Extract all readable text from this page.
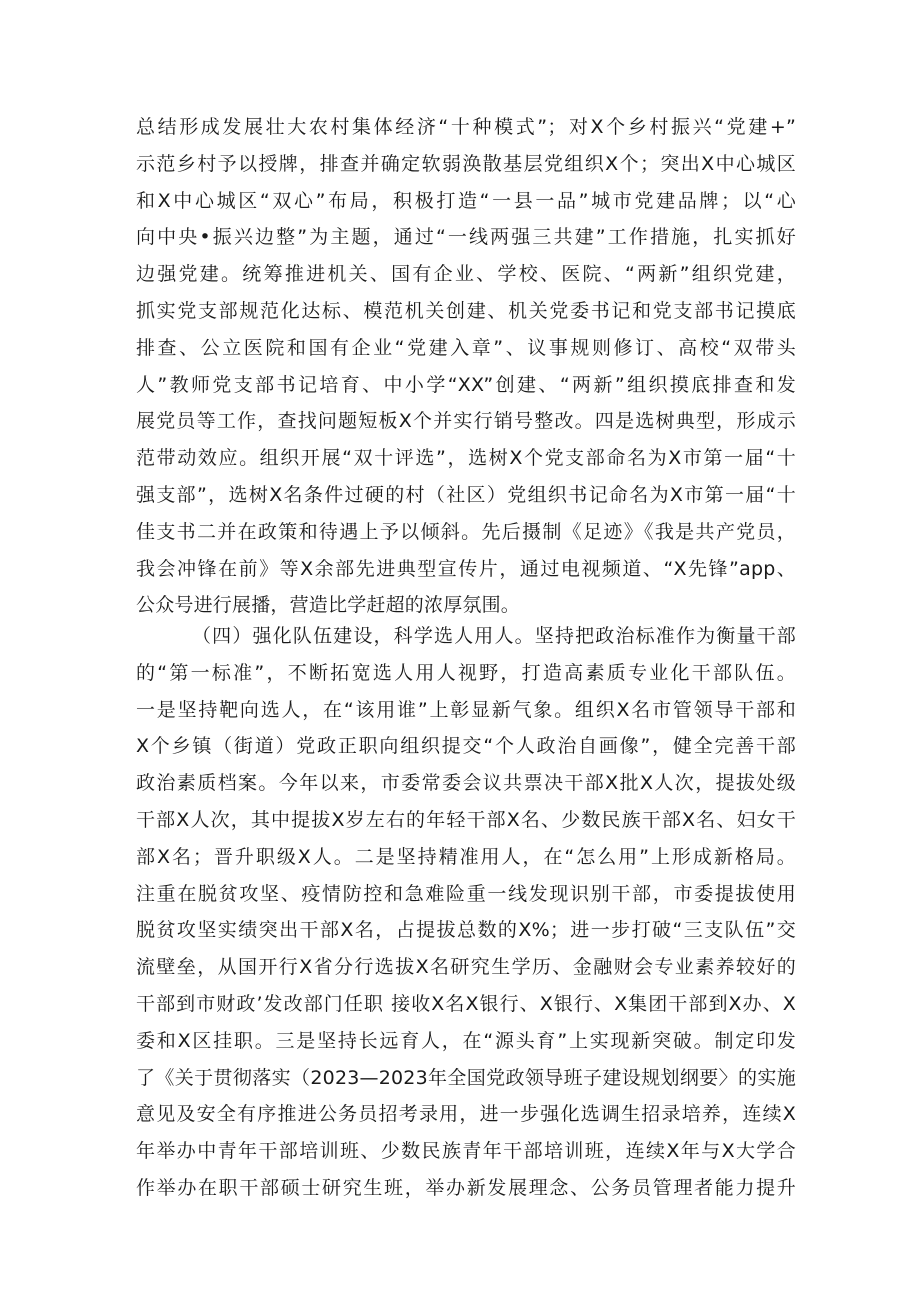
总结形成发展壮大农村集体经济“十种模式”；对X个乡村振兴“党建+”
示范乡村予以授牌，排查并确定软弱涣散基层党组织X个；突出X中心城区
和X中心城区“双心”布局，积极打造“一县一品”城市党建品牌；以“心
向中央•振兴边整”为主题，通过“一线两强三共建”工作措施，扎实抓好
边强党建。统筹推进机关、国有企业、学校、医院、“两新”组织党建，
抓实党支部规范化达标、模范机关创建、机关党委书记和党支部书记摸底
排查、公立医院和国有企业“党建入章”、议事规则修订、高校“双带头
人”教师党支部书记培育、中小学“XX”创建、“两新”组织摸底排查和发
展党员等工作，查找问题短板X个并实行销号整改。四是选树典型，形成示
范带动效应。组织开展“双十评选”，选树X个党支部命名为X市第一届“十
强支部”，选树X名条件过硬的村（社区）党组织书记命名为X市第一届“十
佳支书二并在政策和待遇上予以倾斜。先后摄制《足迹》《我是共产党员，
我会冲锋在前》等X余部先进典型宣传片，通过电视频道、“X先锋”app、
公众号进行展播，营造比学赶超的浓厚氛围。
（四）强化队伍建设，科学选人用人。坚持把政治标准作为衡量干部
的“第一标准”，不断拓宽选人用人视野，打造高素质专业化干部队伍。
一是坚持靶向选人，在“该用谁”上彰显新气象。组织X名市管领导干部和
X个乡镇（街道）党政正职向组织提交“个人政治自画像”，健全完善干部
政治素质档案。今年以来，市委常委会议共票决干部X批X人次，提拔处级
干部X人次，其中提拔X岁左右的年轻干部X名、少数民族干部X名、妇女干
部X名；晋升职级X人。二是坚持精准用人，在“怎么用”上形成新格局。
注重在脱贫攻坚、疫情防控和急难险重一线发现识别干部，市委提拔使用
脱贫攻坚实绩突出干部X名，占提拔总数的X%；进一步打破“三支队伍”交
流壁垒，从国开行X省分行选拔X名研究生学历、金融财会专业素养较好的
干部到市财政’发改部门任职 接收X名X银行、X银行、X集团干部到X办、X
委和X区挂职。三是坚持长远育人，在“源头育”上实现新突破。制定印发
了《关于贯彻落实（2023—2023年全国党政领导班子建设规划纲要〉的实施
意见及安全有序推进公务员招考录用，进一步强化选调生招录培养，连续X
年举办中青年干部培训班、少数民族青年干部培训班，连续X年与X大学合
作举办在职干部硕士研究生班，举办新发展理念、公务员管理者能力提升
